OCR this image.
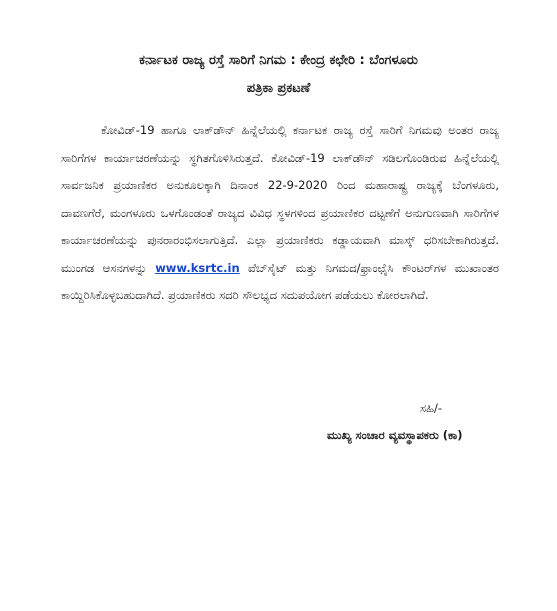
ಕರ್ನಾಟಕ ರಾಜ್ಯ ರಸ್ತೆ ಸಾರಿಗೆ ನಿಗಮ : ಕೇಂದ್ರ ಕಛೇರಿ : ಬೆಂಗಳೂರು
ಪತ್ರಿಕಾ ಪ್ರಕಟಣೆ

ಕೋವಿಡ್-19 ಹಾಗೂ ಲಾಕ್‌ಡೌನ್ ಹಿನ್ನೆಲೆಯಲ್ಲಿ ಕರ್ನಾಟಕ ರಾಜ್ಯ ರಸ್ತೆ ಸಾರಿಗೆ ನಿಗಮವು ಅಂತರ ರಾಜ್ಯ ಸಾರಿಗೆಗಳ ಕಾರ್ಯಾಚರಣೆಯನ್ನು ಸ್ಥಗಿತಗೊಳಿಸಿರುತ್ತದೆ. ಕೋವಿಡ್-19 ಲಾಕ್‌ಡೌನ್ ಸಡಿಲಗೊಂಡಿರುವ ಹಿನ್ನೆಲೆಯಲ್ಲಿ ಸಾರ್ವಜನಿಕ ಪ್ರಯಾಣಿಕರ ಅನುಕೂಲಕ್ಕಾಗಿ ದಿನಾಂಕ 22-9-2020 ರಿಂದ ಮಹಾರಾಷ್ಟ್ರ ರಾಜ್ಯಕ್ಕೆ ಬೆಂಗಳೂರು, ದಾವಣಗೆರೆ, ಮಂಗಳೂರು ಒಳಗೊಂಡಂತೆ ರಾಜ್ಯದ ವಿವಿಧ ಸ್ಥಳಗಳಿಂದ ಪ್ರಯಾಣಿಕರ ದಟ್ಟಣೆಗೆ ಅನುಗುಣವಾಗಿ ಸಾರಿಗೆಗಳ ಕಾರ್ಯಾಚರಣೆಯನ್ನು ಪುನರಾರಂಭಿಸಲಾಗುತ್ತಿದೆ. ಎಲ್ಲಾ ಪ್ರಯಾಣಿಕರು ಕಡ್ಡಾಯವಾಗಿ ಮಾಸ್ಕ್ ಧರಿಸಬೇಕಾಗಿರುತ್ತದೆ. ಮುಂಗಡ ಆಸನಗಳನ್ನು www.ksrtc.in ವೆಬ್‌ಸೈಟ್ ಮತ್ತು ನಿಗಮದ/ಫ್ರಾಂಛೈಸಿ ಕೌಂಟರ್‌ಗಳ ಮುಖಾಂತರ ಕಾಯ್ದಿರಿಸಿಕೊಳ್ಳಬಹುದಾಗಿದೆ. ಪ್ರಯಾಣಿಕರು ಸದರಿ ಸೌಲಭ್ಯದ ಸದುಪಯೋಗ ಪಡೆಯಲು ಕೋರಲಾಗಿದೆ.

ಸಹಿ/-
ಮುಖ್ಯ ಸಂಚಾರ ವ್ಯವಸ್ಥಾಪಕರು (ಕಾ)
